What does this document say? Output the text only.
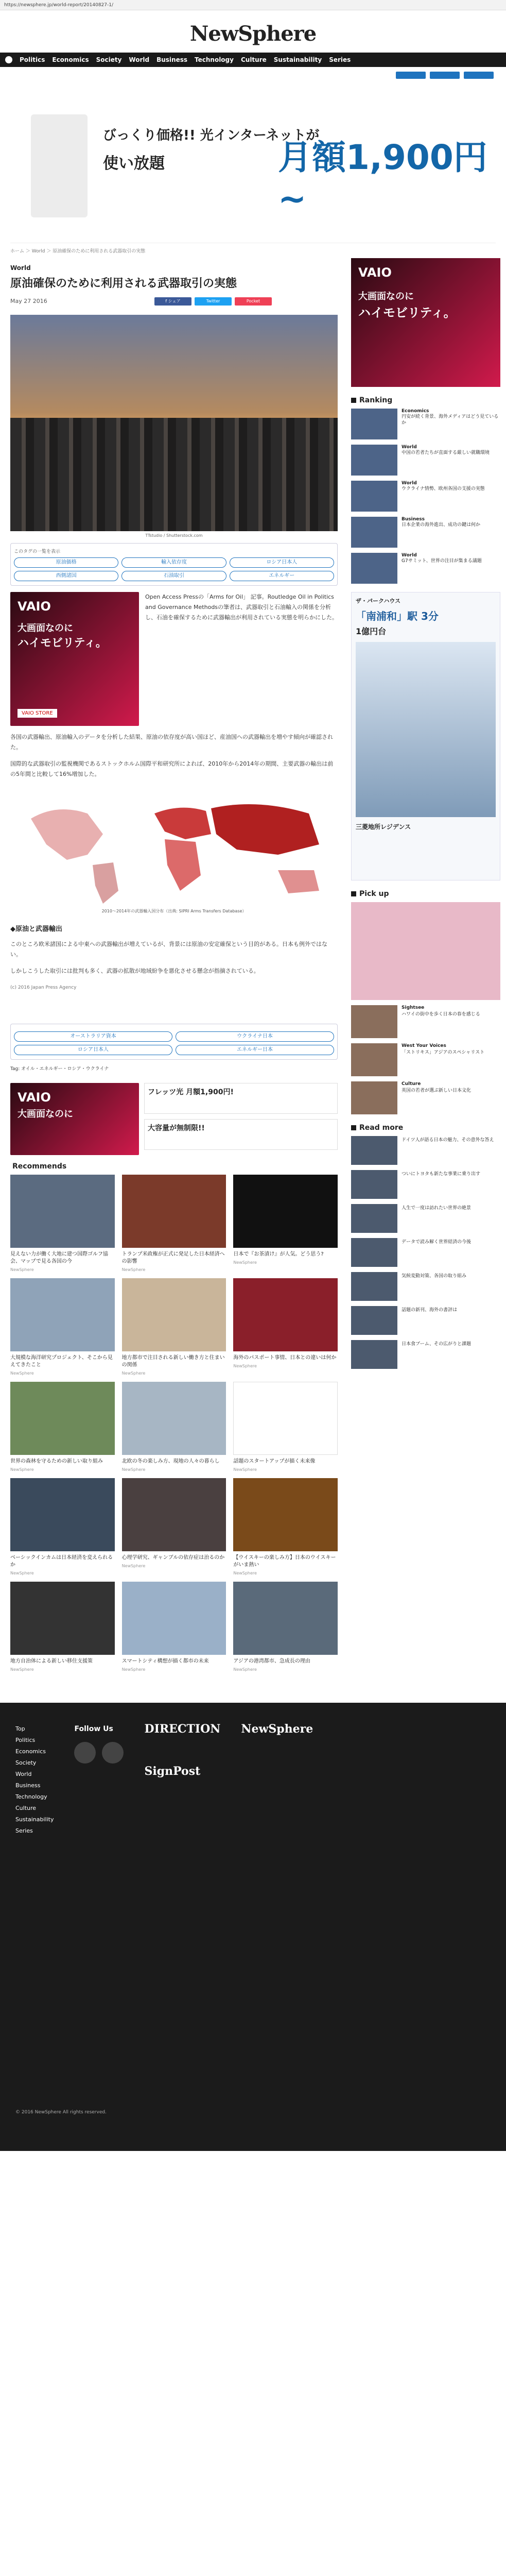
https://newsphere.jp/world-report/20140827-1/
NewSphere
Politics Economics Society World Business Technology Culture Sustainability Series
びっくり価格!! 光インターネットが
使い放題	月額1,900円~
ホーム ＞ World ＞ 原油確保のために利用される武器取引の実態
World
原油確保のために利用される武器取引の実態
May 27 2016	f シェア	Twitter	Pocket
TTstudio / Shutterstock.com
このタグの一覧を表示
原油価格	輸入依存度	ロシア日本人
西側諸国	石油取引	エネルギー
VAIO
大画面なのに
ハイモビリティ。
VAIO STORE
Open Access Pressの「Arms for Oil」 記事。Routledge Oil in Politics and Governance Methodsの筆者は、武器取引と石油輸入の関係を分析し、石油を確保するために武器輸出が利用されている実態を明らかにした。
各国の武器輸出、原油輸入のデータを分析した結果、原油の依存度が高い国ほど、産油国への武器輸出を増やす傾向が確認された。
国際的な武器取引の監視機関であるストックホルム国際平和研究所によれば、2010年から2014年の期間、主要武器の輸出は前の5年間と比較して16%増加した。
2010〜2014年の武器輸入国分布（出典: SIPRI Arms Transfers Database）
◆原油と武器輸出
このところ欧米諸国による中東への武器輸出が増えているが、背景には原油の安定確保という目的がある。日本も例外ではない。
しかしこうした取引には批判も多く、武器の拡散が地域紛争を悪化させる懸念が指摘されている。
(c) 2016 Japan Press Agency
オーストラリア資本	ウクライナ日本
ロシア日本人	エネルギー日本
Tag: オイル・エネルギー・ロシア・ウクライナ
VAIO
大画面なのに
フレッツ光 月額1,900円!
大容量が無制限!!
Recommends
見えない力が働く大地に建つ国際ゴルフ協会、マップで見る各国の今
NewSphere
トランプ米政権が正式に発足した日本経済への影響
NewSphere
日本で『お茶漬け』が人気。どう思う?
NewSphere
大規模な海洋研究プロジェクト、そこから見えてきたこと
NewSphere
地方都市で注目される新しい働き方と住まいの関係
NewSphere
海外のパスポート事情、日本との違いは何か
NewSphere
世界の森林を守るための新しい取り組み
NewSphere
北欧の冬の楽しみ方、現地の人々の暮らし
NewSphere
話題のスタートアップが描く未来像
NewSphere
ベーシックインカムは日本経済を変えられるか
NewSphere
心理学研究、ギャンブルの依存症は治るのか
NewSphere
【ウイスキーの楽しみ方】日本のウイスキーがいま熱い
NewSphere
地方自治体による新しい移住支援策
NewSphere
スマートシティ構想が描く都市の未来
NewSphere
アジアの港湾都市、急成長の理由
NewSphere
VAIO
大画面なのに
ハイモビリティ。
Ranking
Economics
円安が続く背景、海外メディアはどう見ているか
World
中国の若者たちが直面する厳しい就職環境
World
ウクライナ情勢、欧州各国の支援の実態
Business
日本企業の海外進出、成功の鍵は何か
World
G7サミット、世界の注目が集まる議題
ザ・パークハウス
「南浦和」駅 3分
1億円台
三菱地所レジデンス
Pick up
Sightsee
ハワイの街中を歩く日本の春を感じる
West Your Voices
「ストリキス」アジアのスペシャリスト
Culture
英国の若者が選ぶ新しい日本文化
Read more
ドイツ人が語る日本の魅力、その意外な答え
ついにトヨタも新たな事業に乗り出す
人生で一度は訪れたい世界の絶景
データで読み解く世界経済の今後
気候変動対策、各国の取り組み
話題の新刊、海外の書評は
日本食ブーム、その広がりと課題
Top
Politics
Economics
Society
World
Business
Technology
Culture
Sustainability
Series
Follow Us	DIRECTION
SignPost
NewSphere
© 2016 NewSphere All rights reserved.
